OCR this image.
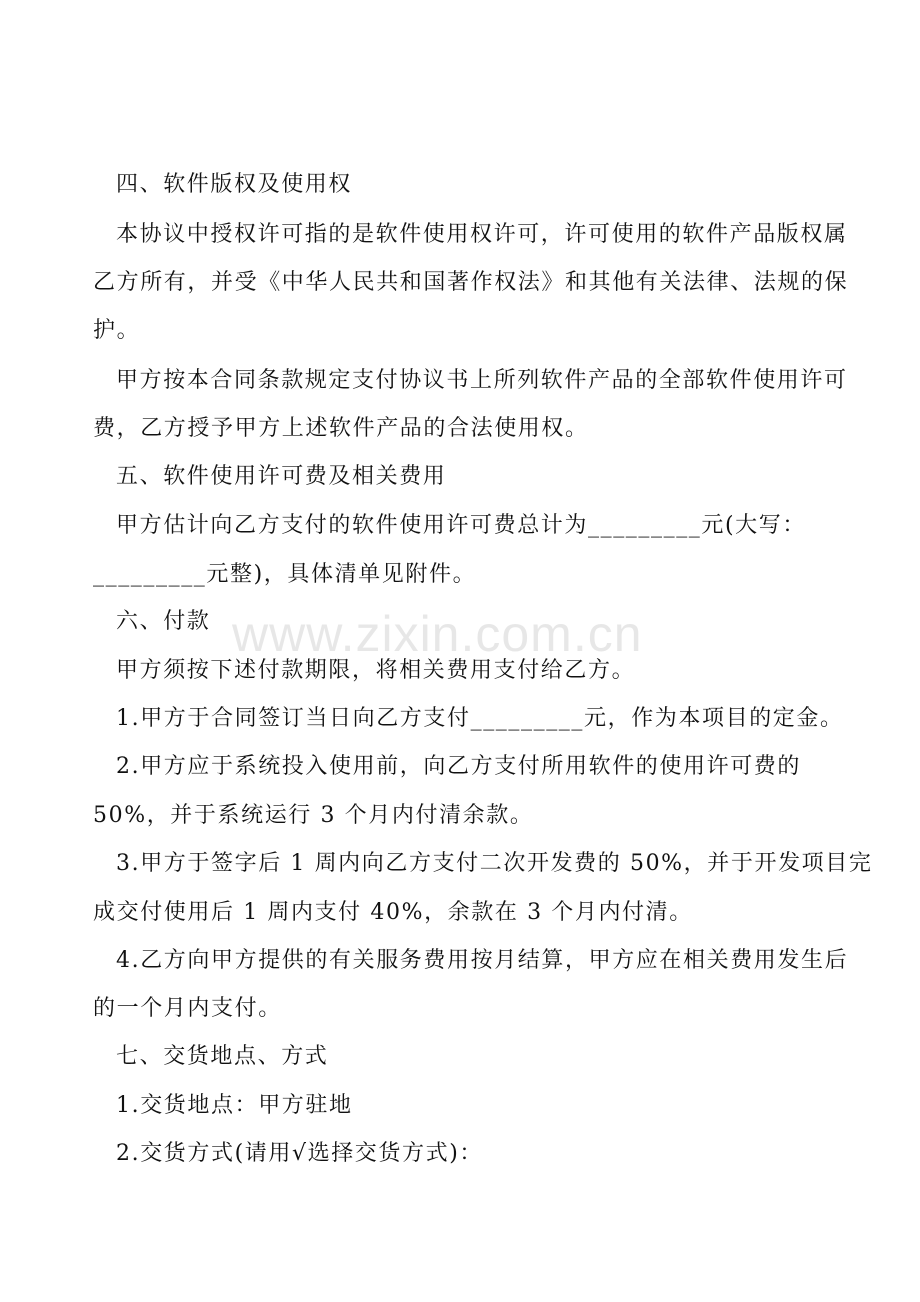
www.zixin.com.cn
四、软件版权及使用权
本协议中授权许可指的是软件使用权许可，许可使用的软件产品版权属
乙方所有，并受《中华人民共和国著作权法》和其他有关法律、法规的保
护。
甲方按本合同条款规定支付协议书上所列软件产品的全部软件使用许可
费，乙方授予甲方上述软件产品的合法使用权。
五、软件使用许可费及相关费用
甲方估计向乙方支付的软件使用许可费总计为_________元(大写：
_________元整)，具体清单见附件。
六、付款
甲方须按下述付款期限，将相关费用支付给乙方。
1.甲方于合同签订当日向乙方支付_________元，作为本项目的定金。
2.甲方应于系统投入使用前，向乙方支付所用软件的使用许可费的
50%，并于系统运行 3 个月内付清余款。
3.甲方于签字后 1 周内向乙方支付二次开发费的 50%，并于开发项目完
成交付使用后 1 周内支付 40%，余款在 3 个月内付清。
4.乙方向甲方提供的有关服务费用按月结算，甲方应在相关费用发生后
的一个月内支付。
七、交货地点、方式
1.交货地点：甲方驻地
2.交货方式(请用√选择交货方式)：
